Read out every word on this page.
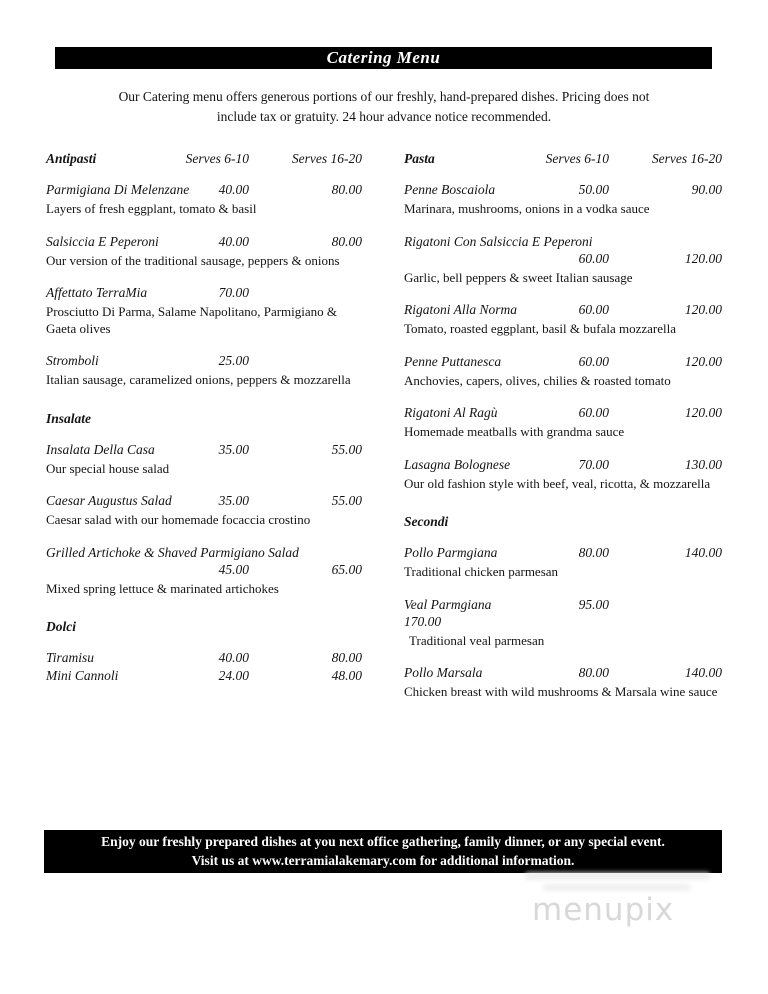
Catering Menu
Our Catering menu offers generous portions of our freshly, hand-prepared dishes. Pricing does not
include tax or gratuity. 24 hour advance notice recommended.
Antipasti	Serves 6-10	Serves 16-20
Parmigiana Di Melenzane 40.00	80.00
Layers of fresh eggplant, tomato & basil
Salsiccia E Peperoni	40.00	80.00
Our version of the traditional sausage, peppers & onions
Affettato TerraMia	70.00
Prosciutto Di Parma, Salame Napolitano, Parmigiano & Gaeta olives
Stromboli	25.00
Italian sausage, caramelized onions, peppers & mozzarella
Insalate
Insalata Della Casa	35.00	55.00
Our special house salad
Caesar Augustus Salad	35.00	55.00
Caesar salad with our homemade focaccia crostino
Grilled Artichoke & Shaved Parmigiano Salad
45.00	65.00
Mixed spring lettuce & marinated artichokes
Dolci
Tiramisu	40.00	80.00
Mini Cannoli	24.00	48.00
Pasta	Serves 6-10	Serves 16-20
Penne Boscaiola	50.00	90.00
Marinara, mushrooms, onions in a vodka sauce
Rigatoni Con Salsiccia E Peperoni
60.00	120.00
Garlic, bell peppers & sweet Italian sausage
Rigatoni Alla Norma	60.00	120.00
Tomato, roasted eggplant, basil & bufala mozzarella
Penne Puttanesca	60.00	120.00
Anchovies, capers, olives, chilies & roasted tomato
Rigatoni Al Ragù	60.00	120.00
Homemade meatballs with grandma sauce
Lasagna Bolognese	70.00	130.00
Our old fashion style with beef, veal, ricotta, & mozzarella
Secondi
Pollo Parmgiana	80.00	140.00
Traditional chicken parmesan
Veal Parmgiana	95.00
170.00
Traditional veal parmesan
Pollo Marsala	80.00	140.00
Chicken breast with wild mushrooms & Marsala wine sauce
Enjoy our freshly prepared dishes at you next office gathering, family dinner, or any special event.
Visit us at www.terramialakemary.com for additional information.
menupix
